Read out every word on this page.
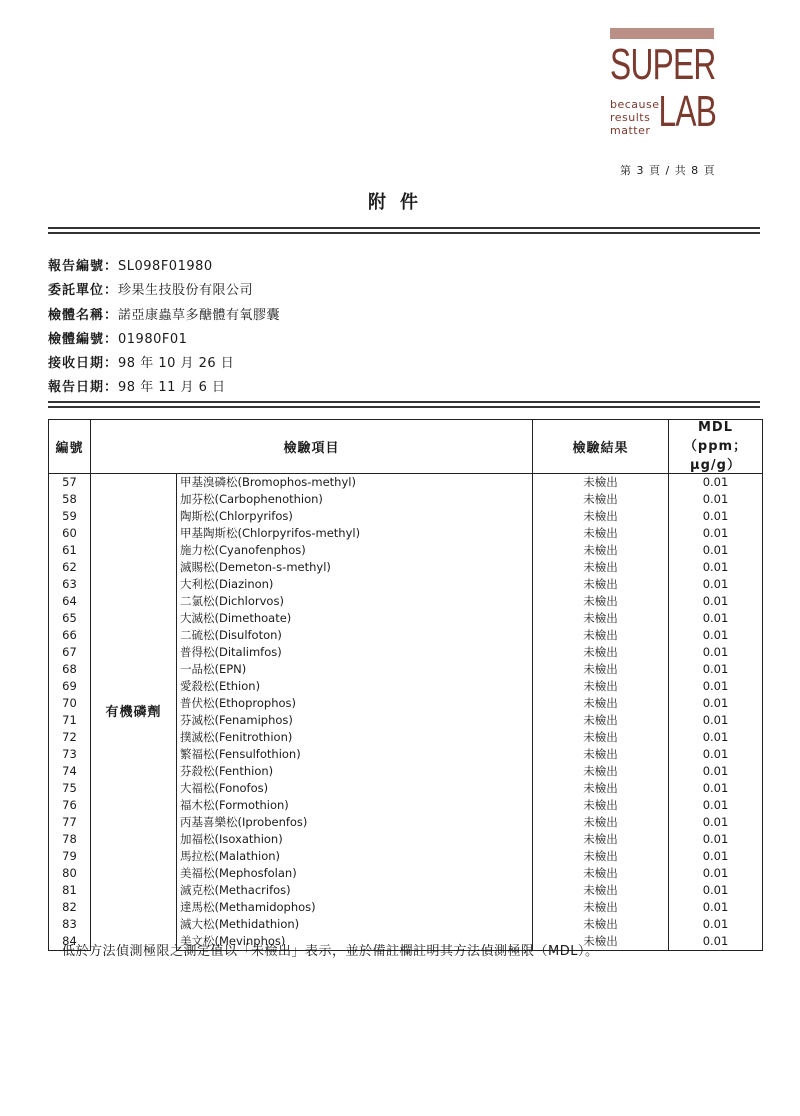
SUPER
LAB
because
results
matter
第 3 頁 / 共 8 頁
附件
報告編號：SL098F01980
委託單位：珍果生技股份有限公司
檢體名稱：諾亞康蟲草多醣體有氧膠囊
檢體編號：01980F01
接收日期：98 年 10 月 26 日
報告日期：98 年 11 月 6 日
編號	檢驗項目		檢驗結果	MDL（ppm；μg/g）
57	有機磷劑	甲基溴磷松(Bromophos-methyl)	未檢出	0.01
58		加芬松(Carbophenothion)	未檢出	0.01
59		陶斯松(Chlorpyrifos)	未檢出	0.01
60		甲基陶斯松(Chlorpyrifos-methyl)	未檢出	0.01
61		施力松(Cyanofenphos)	未檢出	0.01
62		滅賜松(Demeton-s-methyl)	未檢出	0.01
63		大利松(Diazinon)	未檢出	0.01
64		二氯松(Dichlorvos)	未檢出	0.01
65		大滅松(Dimethoate)	未檢出	0.01
66		二硫松(Disulfoton)	未檢出	0.01
67		普得松(Ditalimfos)	未檢出	0.01
68		一品松(EPN)	未檢出	0.01
69		愛殺松(Ethion)	未檢出	0.01
70		普伏松(Ethoprophos)	未檢出	0.01
71		芬滅松(Fenamiphos)	未檢出	0.01
72		撲滅松(Fenitrothion)	未檢出	0.01
73		繁福松(Fensulfothion)	未檢出	0.01
74		芬殺松(Fenthion)	未檢出	0.01
75		大福松(Fonofos)	未檢出	0.01
76		福木松(Formothion)	未檢出	0.01
77		丙基喜樂松(Iprobenfos)	未檢出	0.01
78		加福松(Isoxathion)	未檢出	0.01
79		馬拉松(Malathion)	未檢出	0.01
80		美福松(Mephosfolan)	未檢出	0.01
81		滅克松(Methacrifos)	未檢出	0.01
82		達馬松(Methamidophos)	未檢出	0.01
83		滅大松(Methidathion)	未檢出	0.01
84		美文松(Mevinphos)	未檢出	0.01
低於方法偵測極限之測定值以「未檢出」表示，並於備註欄註明其方法偵測極限（MDL）。
